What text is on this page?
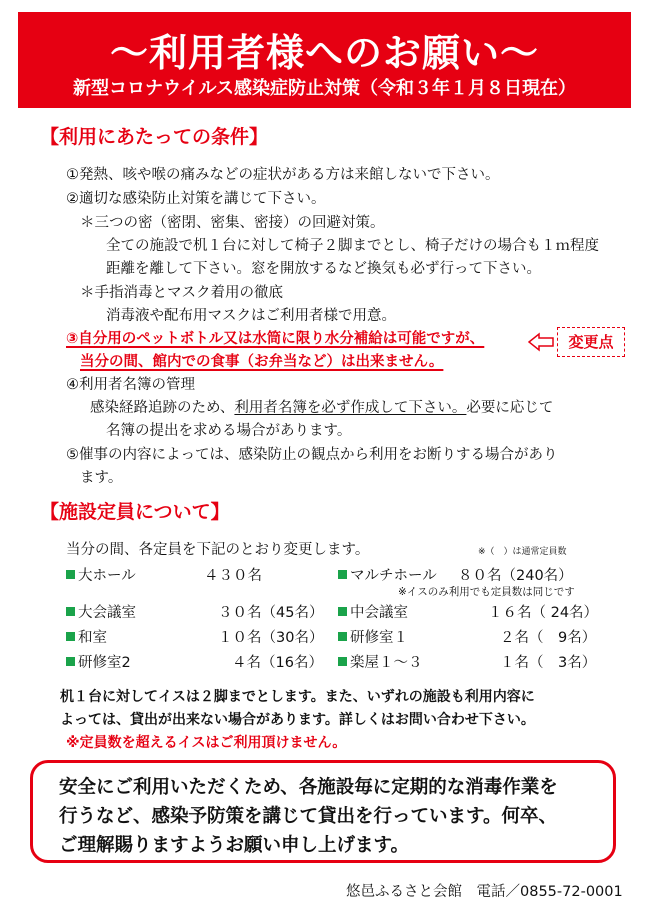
〜利用者様へのお願い〜
新型コロナウイルス感染症防止対策（令和３年１月８日現在）
【利用にあたっての条件】
①発熱、咳や喉の痛みなどの症状がある方は来館しないで下さい。
②適切な感染防止対策を講じて下さい。
＊三つの密（密閉、密集、密接）の回避対策。
全ての施設で机１台に対して椅子２脚までとし、椅子だけの場合も１ｍ程度
距離を離して下さい。窓を開放するなど換気も必ず行って下さい。
＊手指消毒とマスク着用の徹底
消毒液や配布用マスクはご利用者様で用意。
③自分用のペットボトル又は水筒に限り水分補給は可能ですが、
当分の間、館内での食事（お弁当など）は出来ません。
変更点
④利用者名簿の管理
感染経路追跡のため、利用者名簿を必ず作成して下さい。必要に応じて
名簿の提出を求める場合があります。
⑤催事の内容によっては、感染防止の観点から利用をお断りする場合があり
ます。
【施設定員について】
当分の間、各定員を下記のとおり変更します。	※（　）は通常定員数
大ホール	４３０名	マルチホール ８０名（240名）
※イスのみ利用でも定員数は同じです
大会議室	３０名（45名）	中会議室	１６名（ 24名）
和室	１０名（30名）	研修室１	２名（　9名）
研修室2	４名（16名）	楽屋１〜３	１名（　3名）
机１台に対してイスは２脚までとします。また、いずれの施設も利用内容に
よっては、貸出が出来ない場合があります。詳しくはお問い合わせ下さい。
※定員数を超えるイスはご利用頂けません。
安全にご利用いただくため、各施設毎に定期的な消毒作業を
行うなど、感染予防策を講じて貸出を行っています。何卒、
ご理解賜りますようお願い申し上げます。
悠邑ふるさと会館　電話／0855-72-0001
